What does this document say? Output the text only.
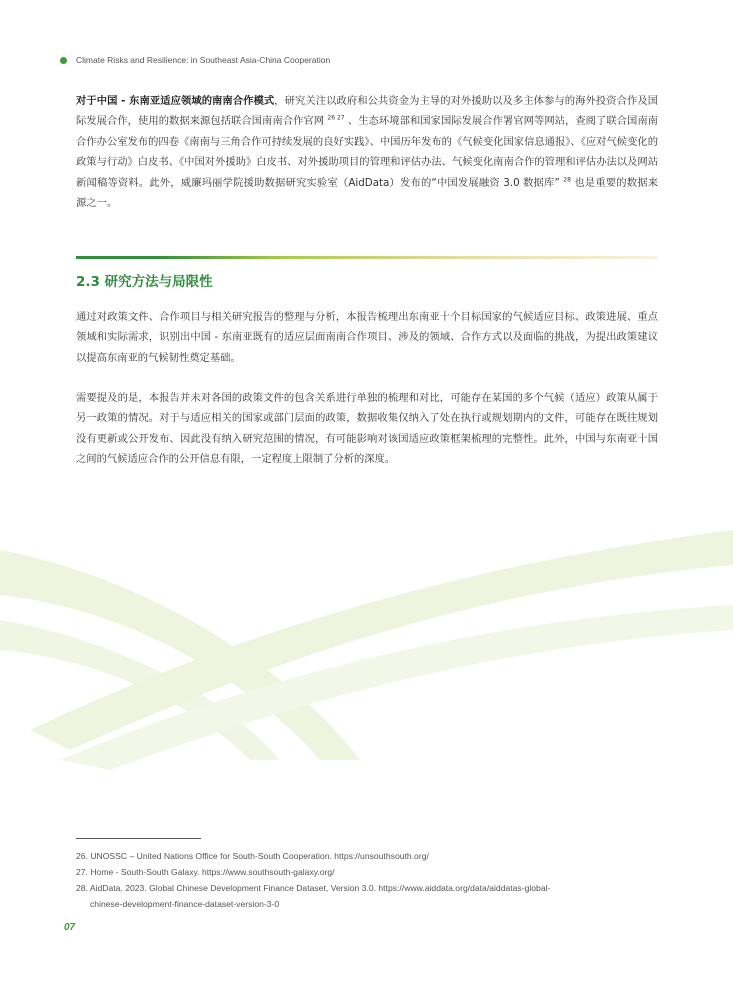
Climate Risks and Resilience: in Southeast Asia-China Cooperation
对于中国 - 东南亚适应领域的南南合作模式，研究关注以政府和公共资金为主导的对外援助以及多主体参与的海外投资合作及国际发展合作，使用的数据来源包括联合国南南合作官网 $^{26 27}$ 、生态环境部和国家国际发展合作署官网等网站，查阅了联合国南南合作办公室发布的四卷《南南与三角合作可持续发展的良好实践》、中国历年发布的《气候变化国家信息通报》、《应对气候变化的政策与行动》白皮书、《中国对外援助》白皮书、对外援助项目的管理和评估办法、气候变化南南合作的管理和评估办法以及网站新闻稿等资料。此外，威廉玛丽学院援助数据研究实验室（AidData）发布的“中国发展融资 3.0 数据库” $^{28}$ 也是重要的数据来源之一。
2.3 研究方法与局限性
通过对政策文件、合作项目与相关研究报告的整理与分析，本报告梳理出东南亚十个目标国家的气候适应目标、政策进展、重点领域和实际需求，识别出中国 - 东南亚既有的适应层面南南合作项目、涉及的领域、合作方式以及面临的挑战，为提出政策建议以提高东南亚的气候韧性奠定基础。
需要提及的是，本报告并未对各国的政策文件的包含关系进行单独的梳理和对比，可能存在某国的多个气候（适应）政策从属于另一政策的情况。对于与适应相关的国家或部门层面的政策，数据收集仅纳入了处在执行或规划期内的文件，可能存在既往规划没有更新或公开发布、因此没有纳入研究范围的情况，有可能影响对该国适应政策框架梳理的完整性。此外，中国与东南亚十国之间的气候适应合作的公开信息有限，一定程度上限制了分析的深度。
26. UNOSSC – United Nations Office for South-South Cooperation. https://unsouthsouth.org/
27. Home - South-South Galaxy. https://www.southsouth-galaxy.org/
28. AidData. 2023. Global Chinese Development Finance Dataset, Version 3.0. https://www.aiddata.org/data/aiddatas-global-
chinese-development-finance-dataset-version-3-0
07
